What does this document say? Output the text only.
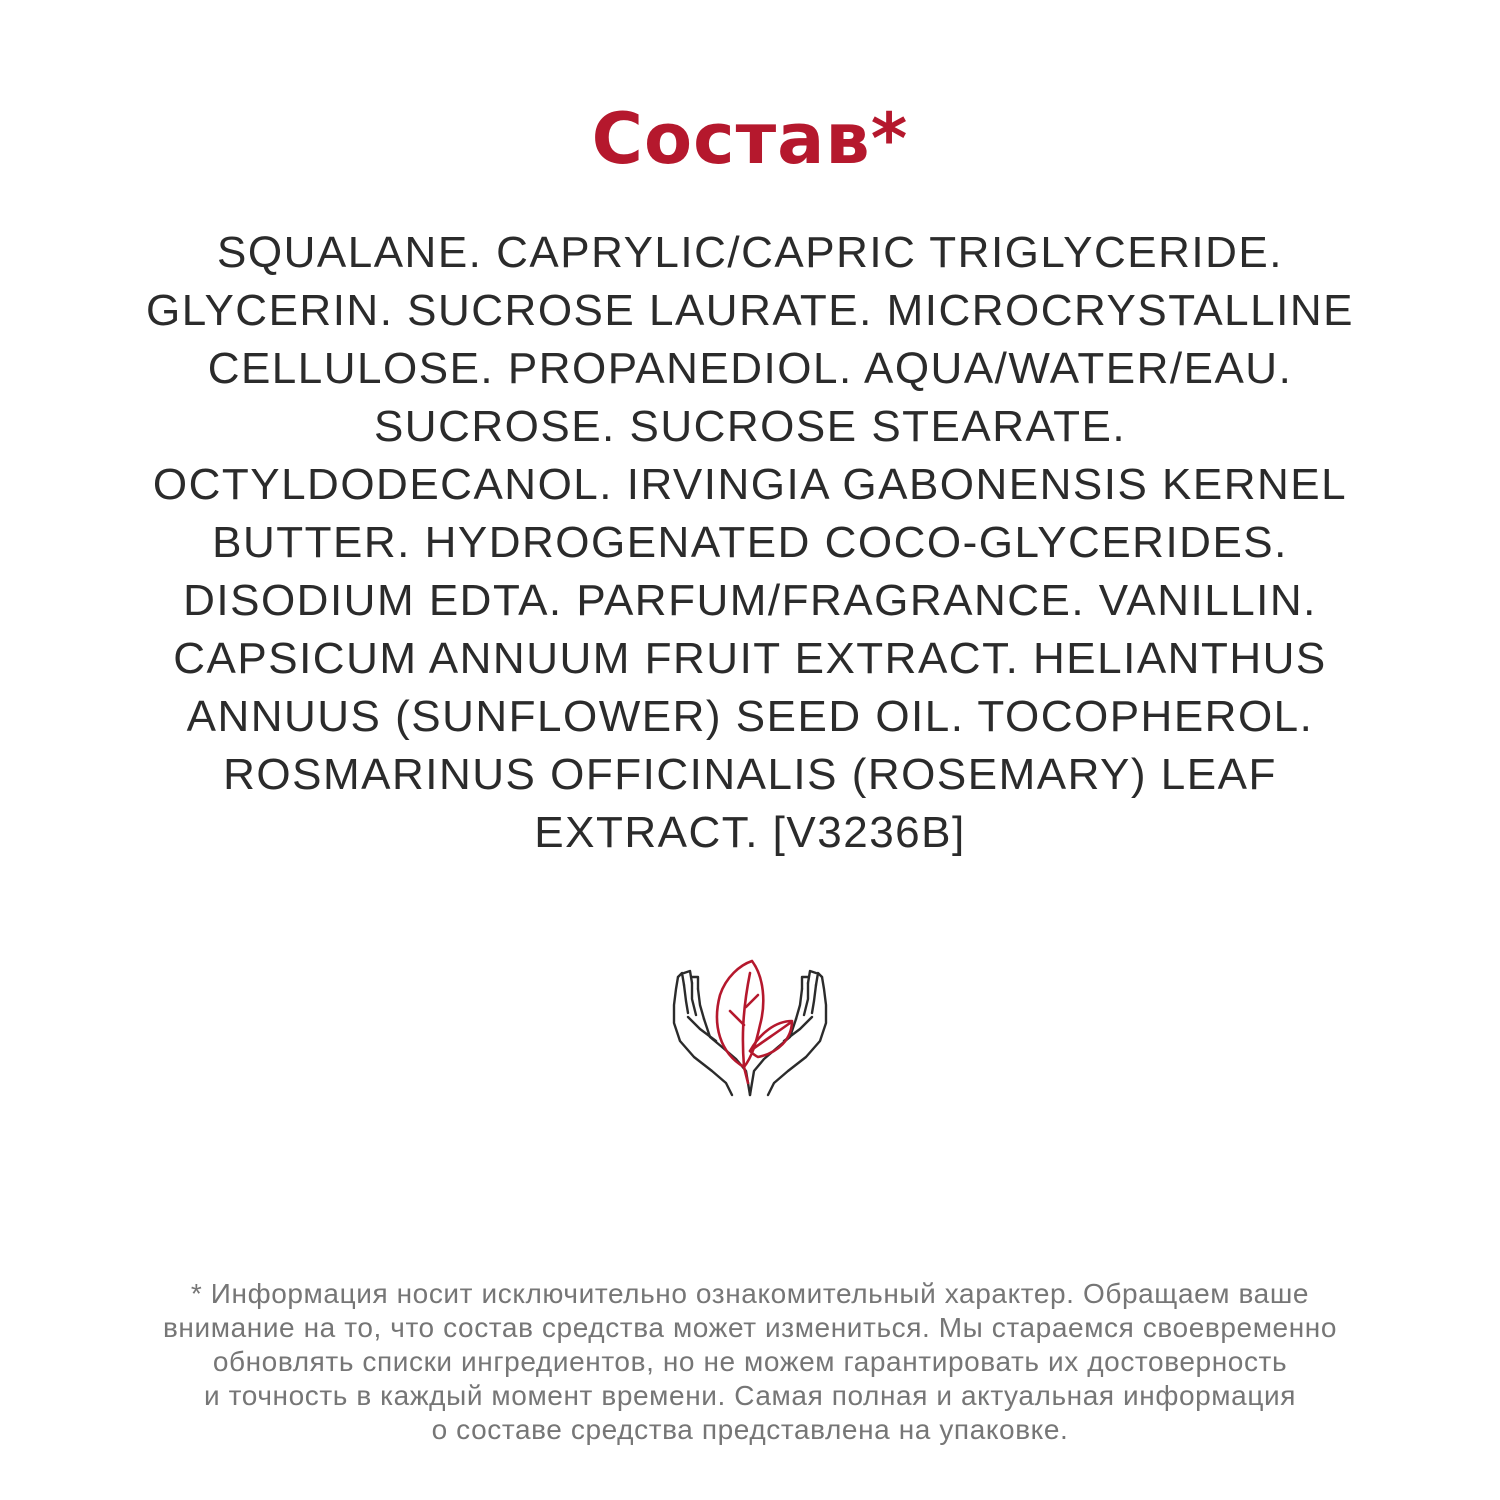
Состав*

SQUALANE. CAPRYLIC/CAPRIC TRIGLYCERIDE.
GLYCERIN. SUCROSE LAURATE. MICROCRYSTALLINE
CELLULOSE. PROPANEDIOL. AQUA/WATER/EAU.
SUCROSE. SUCROSE STEARATE.
OCTYLDODECANOL. IRVINGIA GABONENSIS KERNEL
BUTTER. HYDROGENATED COCO-GLYCERIDES.
DISODIUM EDTA. PARFUM/FRAGRANCE. VANILLIN.
CAPSICUM ANNUUM FRUIT EXTRACT. HELIANTHUS
ANNUUS (SUNFLOWER) SEED OIL. TOCOPHEROL.
ROSMARINUS OFFICINALIS (ROSEMARY) LEAF
EXTRACT. [V3236B]

* Информация носит исключительно ознакомительный характер. Обращаем ваше
внимание на то, что состав средства может измениться. Мы стараемся своевременно
обновлять списки ингредиентов, но не можем гарантировать их достоверность
и точность в каждый момент времени. Самая полная и актуальная информация
о составе средства представлена на упаковке.
